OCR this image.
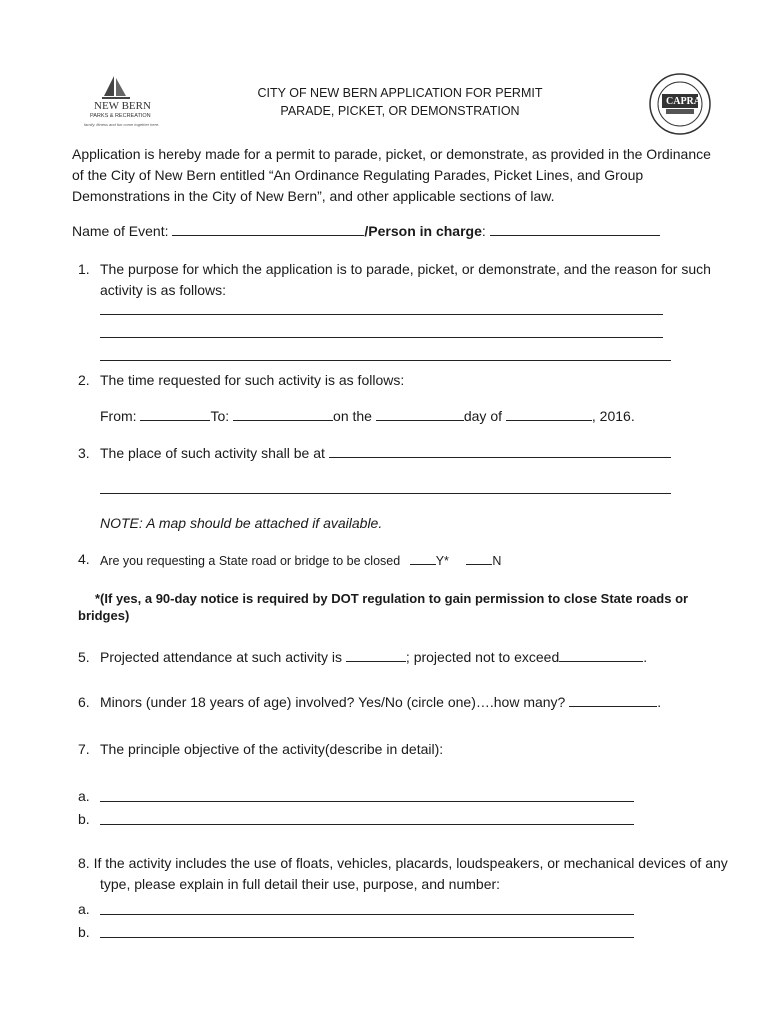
NEW BERN
PARKS & RECREATION
family. fitness and fun come together here.
CITY OF NEW BERN APPLICATION FOR PERMIT
PARADE, PICKET, OR DEMONSTRATION
CAPRA
Application is hereby made for a permit to parade, picket, or demonstrate, as provided in the Ordinance
of the City of New Bern entitled “An Ordinance Regulating Parades, Picket Lines, and Group
Demonstrations in the City of New Bern”, and other applicable sections of law.
Name of Event:	/Person in charge:
1. The purpose for which the application is to parade, picket, or demonstrate, and the reason for such
activity is as follows:
2. The time requested for such activity is as follows:
From:	To:	on the	day of	, 2016.
3. The place of such activity shall be at
NOTE: A map should be attached if available.
4. Are you requesting a State road or bridge to be closed	Y*	N
*(If yes, a 90-day notice is required by DOT regulation to gain permission to close State roads or
bridges)
5. Projected attendance at such activity is	; projected not to exceed	.
6. Minors (under 18 years of age) involved? Yes/No (circle one)….how many?	.
7. The principle objective of the activity(describe in detail):
a.
b.
8. If the activity includes the use of floats, vehicles, placards, loudspeakers, or mechanical devices of any
type, please explain in full detail their use, purpose, and number:
a.
b.
